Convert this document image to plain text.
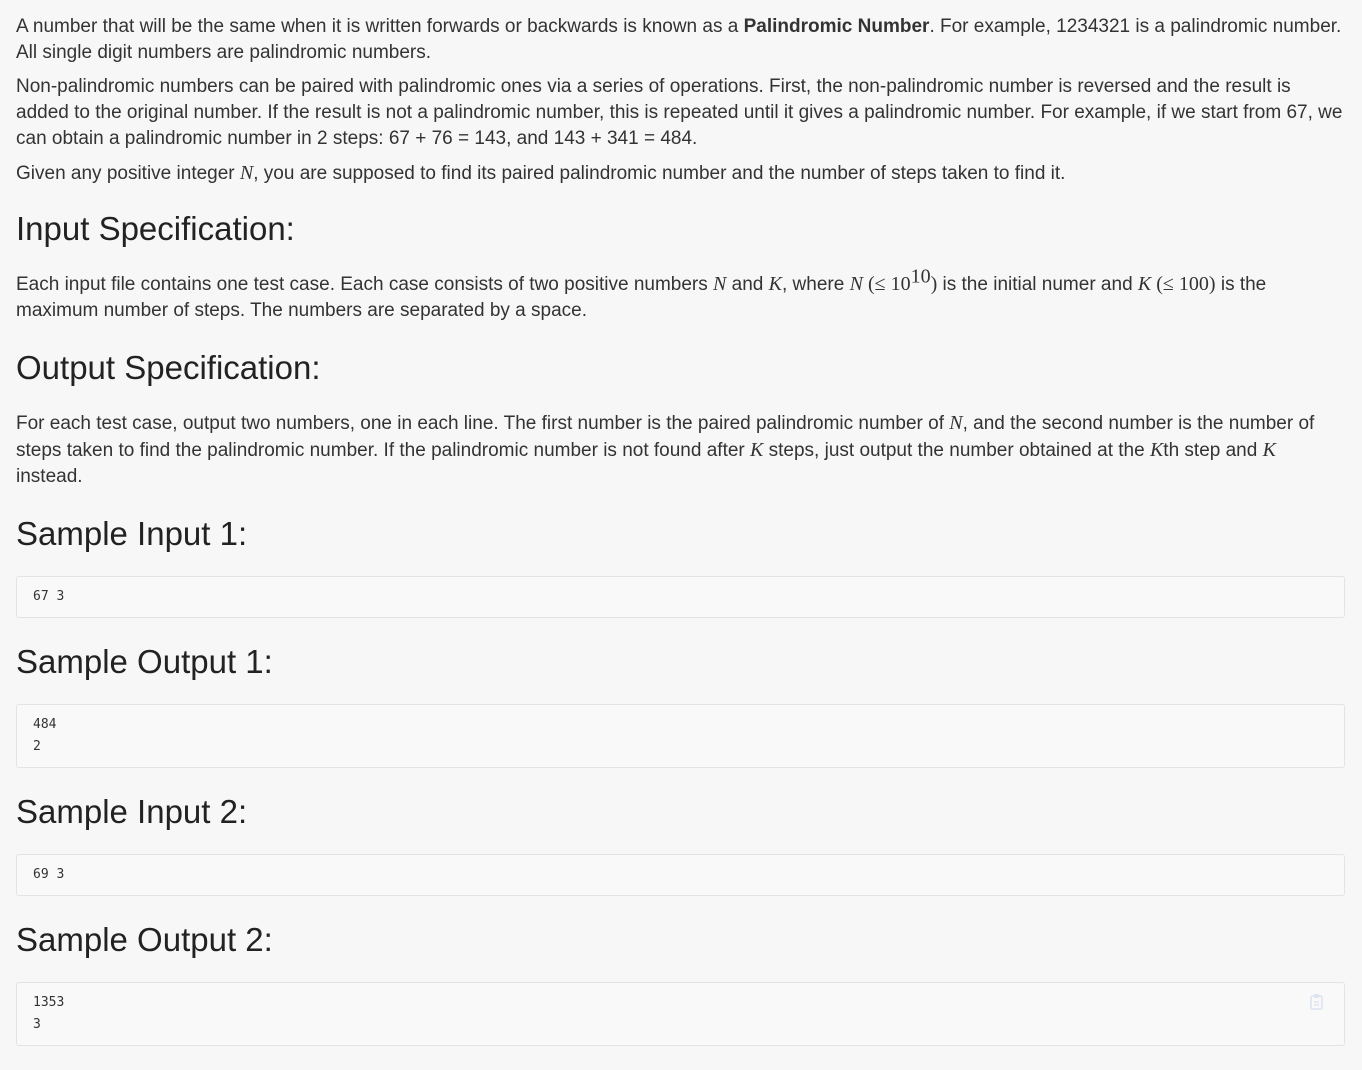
A number that will be the same when it is written forwards or backwards is known as a Palindromic Number. For example, 1234321 is a palindromic number. All single digit numbers are palindromic numbers.

Non-palindromic numbers can be paired with palindromic ones via a series of operations. First, the non-palindromic number is reversed and the result is added to the original number. If the result is not a palindromic number, this is repeated until it gives a palindromic number. For example, if we start from 67, we can obtain a palindromic number in 2 steps: 67 + 76 = 143, and 143 + 341 = 484.

Given any positive integer N, you are supposed to find its paired palindromic number and the number of steps taken to find it.

Input Specification:

Each input file contains one test case. Each case consists of two positive numbers N and K, where N (≤ $10^{10}$) is the initial numer and K (≤ 100) is the maximum number of steps. The numbers are separated by a space.

Output Specification:

For each test case, output two numbers, one in each line. The first number is the paired palindromic number of N, and the second number is the number of steps taken to find the palindromic number. If the palindromic number is not found after K steps, just output the number obtained at the Kth step and K instead.

Sample Input 1:
67 3
Sample Output 1:
484
2
Sample Input 2:
69 3
Sample Output 2:
1353
3
